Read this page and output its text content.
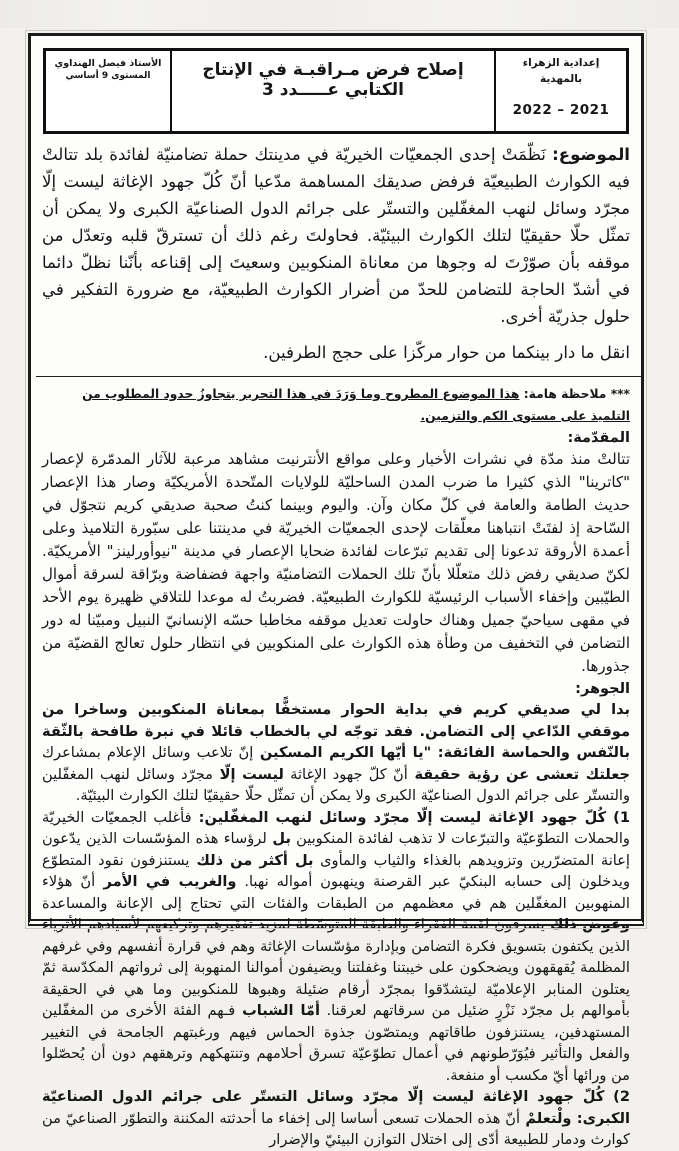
إعدادية الزهراء بالمهدية
2021 – 2022

إصلاح فرض مـراقبـة في الإنتاج الكتابي عـــــدد 3

الأستاذ فيصل الهنداوي
المستوى 9 أساسي
الموضوع: نَظّمَتْ إحدى الجمعيّات الخيريّة في مدينتك حملة تضامنيّة لفائدة بلد تتالتْ فيه الكوارث الطبيعيّة فرفض صديقك المساهمة مدّعيا أنّ كُلّ جهود الإغاثة ليست إلّا مجرّد وسائل لنهب المغفّلين والتستّر على جرائم الدول الصناعيّة الكبرى ولا يمكن أن تمثّل حلّا حقيقيّا لتلك الكوارث البيئيّة. فحاولتَ رغم ذلك أن تسترقّ قلبه وتعدّل من موقفه بأن صوّرْتَ له وجوها من معاناة المنكوبين وسعيتَ إلى إقناعه بأنّنا نظلّ دائما في أشدّ الحاجة للتضامن للحدّ من أضرار الكوارث الطبيعيّة، مع ضرورة التفكير في حلول جذريّة أخرى.
انقل ما دار بينكما من حوار مركّزا على حجج الطرفين.
*** ملاحظة هامة: هذا الموضوع المطروح وما وَرَدَ في هذا التحرير يتجاوزُ حدود المطلوب من التلميذ على مستوى الكم والتزمين.
المقدّمة:
تتالتْ منذ مدّة في نشرات الأخبار وعلى مواقع الأنترنيت مشاهد مرعبة للآثار المدمّرة لإعصار "كاترينا" الذي كثيرا ما ضرب المدن الساحليّة للولايات المتّحدة الأمريكيّة وصار هذا الإعصار حديث الطامة والعامة في كلّ مكان وآن. واليوم وبينما كنتُ صحبة صديقي كريم نتجوّل في السّاحة إذ لفتَتْ انتباهنا معلّقات لإحدى الجمعيّات الخيريّة في مدينتنا على سبّورة التلاميذ وعلى أعمدة الأروقة تدعونا إلى تقديم تبرّعات لفائدة ضحايا الإعصار في مدينة "نيوأورلينز" الأمريكيّة. لكنّ صديقي رفض ذلك متعلّلا بأنّ تلك الحملات التضامنيّة واجهة فضفاضة وبرّاقة لسرقة أموال الطيّبين وإخفاء الأسباب الرئيسيّة للكوارث الطبيعيّة. فضربتُ له موعدا للتلاقي ظهيرة يوم الأحد في مقهى سياحيّ جميل وهناك حاولت تعديل موقفه مخاطبا حسّه الإنسانيّ النبيل ومبيّنا له دور التضامن في التخفيف من وطأة هذه الكوارث على المنكوبين في انتظار حلول تعالج القضيّة من جذورها.
الجوهر:
بدا لي صديقي كريم في بداية الحوار مستخفًّا بمعاناة المنكوبين وساخرا من موقفي الدّاعي إلى التضامن. فقد توجّه لي بالخطاب قائلا في نبرة طافحة بالثّقة بالنّفس والحماسة الفائقة: "يا أيّها الكريم المسكين إنّ تلاعب وسائل الإعلام بمشاعرك جعلتك تعشى عن رؤية حقيقة أنّ كلّ جهود الإغاثة ليست إلّا مجرّد وسائل لنهب المغفّلين والتستّر على جرائم الدول الصناعيّة الكبرى ولا يمكن أن تمثّل حلّا حقيقيّا لتلك الكوارث البيئيّة.
1) كُلّ جهود الإغاثة ليست إلّا مجرّد وسائل لنهب المغفّلين: فأغلب الجمعيّات الخيريّة والحملات التطوّعيّة والتبرّعات لا تذهب لفائدة المنكوبين بل لرؤساء هذه المؤسّسات الذين يدّعون إعانة المتضرّرين وتزويدهم بالغذاء والثياب والمأوى بل أكثر من ذلك يستنزفون نقود المتطوّع ويدخلون إلى حسابه البنكيّ عبر القرصنة وينهبون أمواله نهبا. والغريب في الأمر أنّ هؤلاء المنهوبين المغفّلين هم في معظمهم من الطبقات والفئات التي تحتاج إلى الإعانة والمساعدة وعوض ذلك يسرقون لقمة الفقراء والطبقة المتوسّطة لمزيد تفقيرهم وتركيعهم لأسيادهم الأثرياء الذين يكتفون بتسويق فكرة التضامن وبإدارة مؤسّسات الإغاثة وهم في قرارة أنفسهم وفي غرفهم المظلمة يُقهقهون ويضحكون على خيبتنا وغفلتنا ويضيفون أموالنا المنهوبة إلى ثرواتهم المكدّسة ثمّ يعتلون المنابر الإعلاميّة ليتشدّقوا بمجرّد أرقام ضئيلة وهبوها للمنكوبين وما هي في الحقيقة بأموالهم بل مجرّد نَزْرٍ ضئيل من سرقاتهم لعرقنا. أمّا الشباب فـهم الفئة الأخرى من المغفّلين المستهدفين، يستنزفون طاقاتهم ويمتصّون جذوة الحماس فيهم ورغبتهم الجامحة في التغيير والفعل والتأثير فيُوَرّطونهم في أعمال تطوّعيّة تسرق أحلامهم وتنتهكهم وترهقهم دون أن يُحصّلوا من ورائها أيّ مكسب أو منفعة.
2) كُلّ جهود الإغاثة ليست إلّا مجرّد وسائل التستّر على جرائم الدول الصناعيّة الكبرى: ولْتعلمْ أنّ هذه الحملات تسعى أساسا إلى إخفاء ما أحدثته المكننة والتطوّر الصناعيّ من كوارث ودمار للطبيعة أدّى إلى اختلال التوازن البيئيّ والإضرار
